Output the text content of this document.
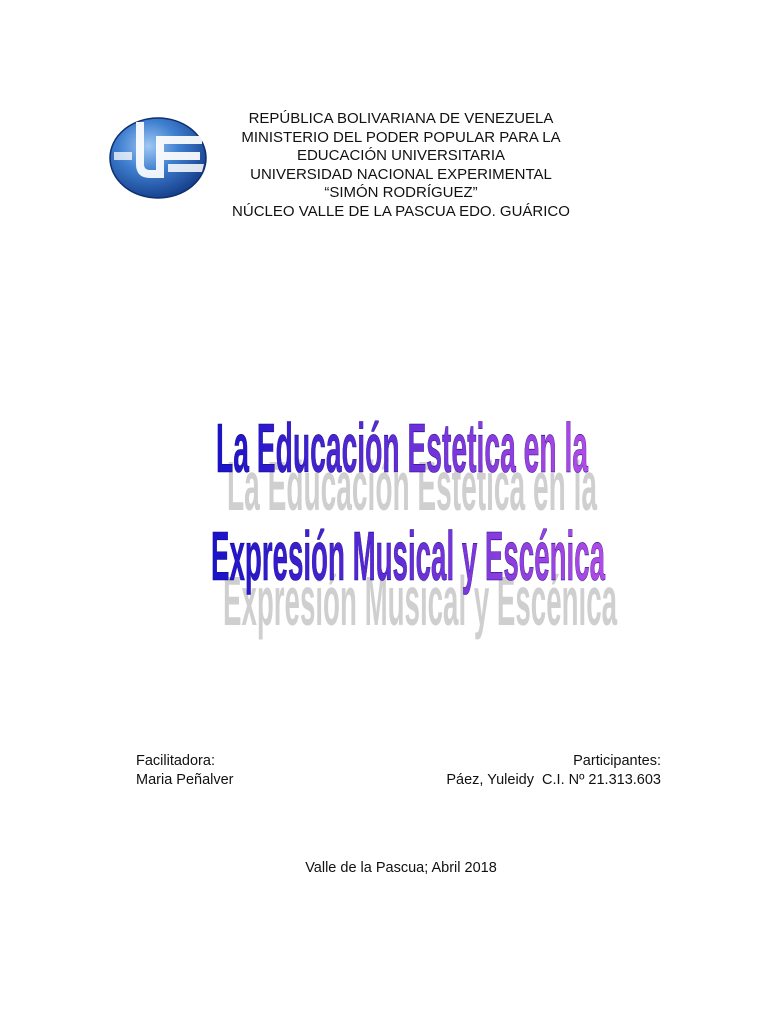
REPÚBLICA BOLIVARIANA DE VENEZUELA
MINISTERIO DEL PODER POPULAR PARA LA
EDUCACIÓN UNIVERSITARIA
UNIVERSIDAD NACIONAL EXPERIMENTAL
“SIMÓN RODRÍGUEZ”
NÚCLEO VALLE DE LA PASCUA EDO. GUÁRICO
La Educación Estetica en la
Expresión Musical y Escénica
La Educación Estetica en la
Expresión Musical y Escénica
Facilitadora:
Maria Peñalver
Participantes:
Páez, Yuleidy  C.I. Nº 21.313.603
Valle de la Pascua; Abril 2018
